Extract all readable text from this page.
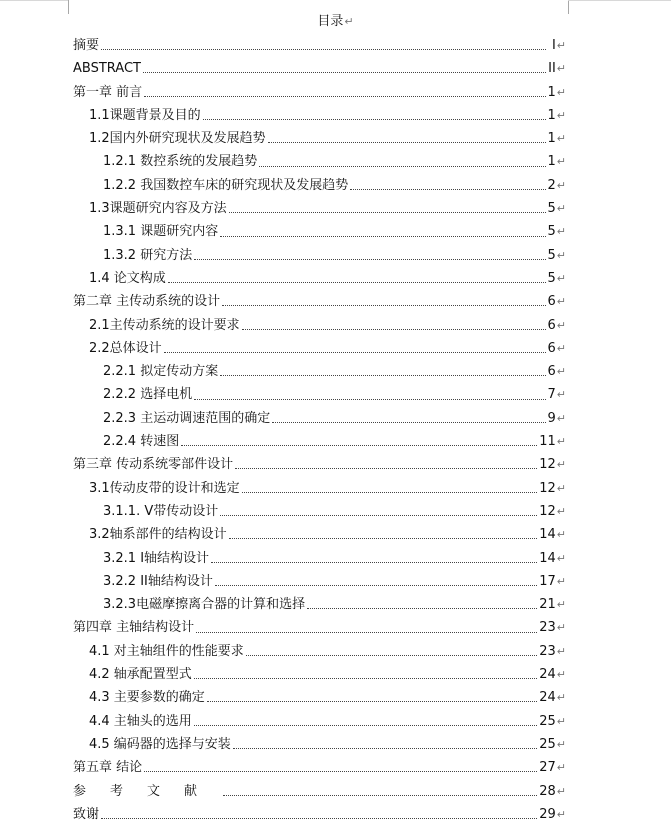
目录↵
摘要	I ↵
ABSTRACT	II ↵
第一章 前言	1 ↵
1.1课题背景及目的	1 ↵
1.2国内外研究现状及发展趋势	1 ↵
1.2.1 数控系统的发展趋势	1 ↵
1.2.2 我国数控车床的研究现状及发展趋势	2 ↵
1.3课题研究内容及方法	5 ↵
1.3.1 课题研究内容	5 ↵
1.3.2 研究方法	5 ↵
1.4 论文构成	5 ↵
第二章 主传动系统的设计	6 ↵
2.1主传动系统的设计要求	6 ↵
2.2总体设计	6 ↵
2.2.1 拟定传动方案	6 ↵
2.2.2 选择电机	7 ↵
2.2.3 主运动调速范围的确定	9 ↵
2.2.4 转速图	11 ↵
第三章 传动系统零部件设计	12 ↵
3.1传动皮带的设计和选定	12 ↵
3.1.1. V带传动设计	12 ↵
3.2轴系部件的结构设计	14 ↵
3.2.1 I轴结构设计	14 ↵
3.2.2 II轴结构设计	17 ↵
3.2.3电磁摩擦离合器的计算和选择	21 ↵
第四章 主轴结构设计	23 ↵
4.1 对主轴组件的性能要求	23 ↵
4.2 轴承配置型式	24 ↵
4.3 主要参数的确定	24 ↵
4.4 主轴头的选用	25 ↵
4.5 编码器的选择与安装	25 ↵
第五章 结论	27 ↵
参考文献	28 ↵
致谢	29 ↵
